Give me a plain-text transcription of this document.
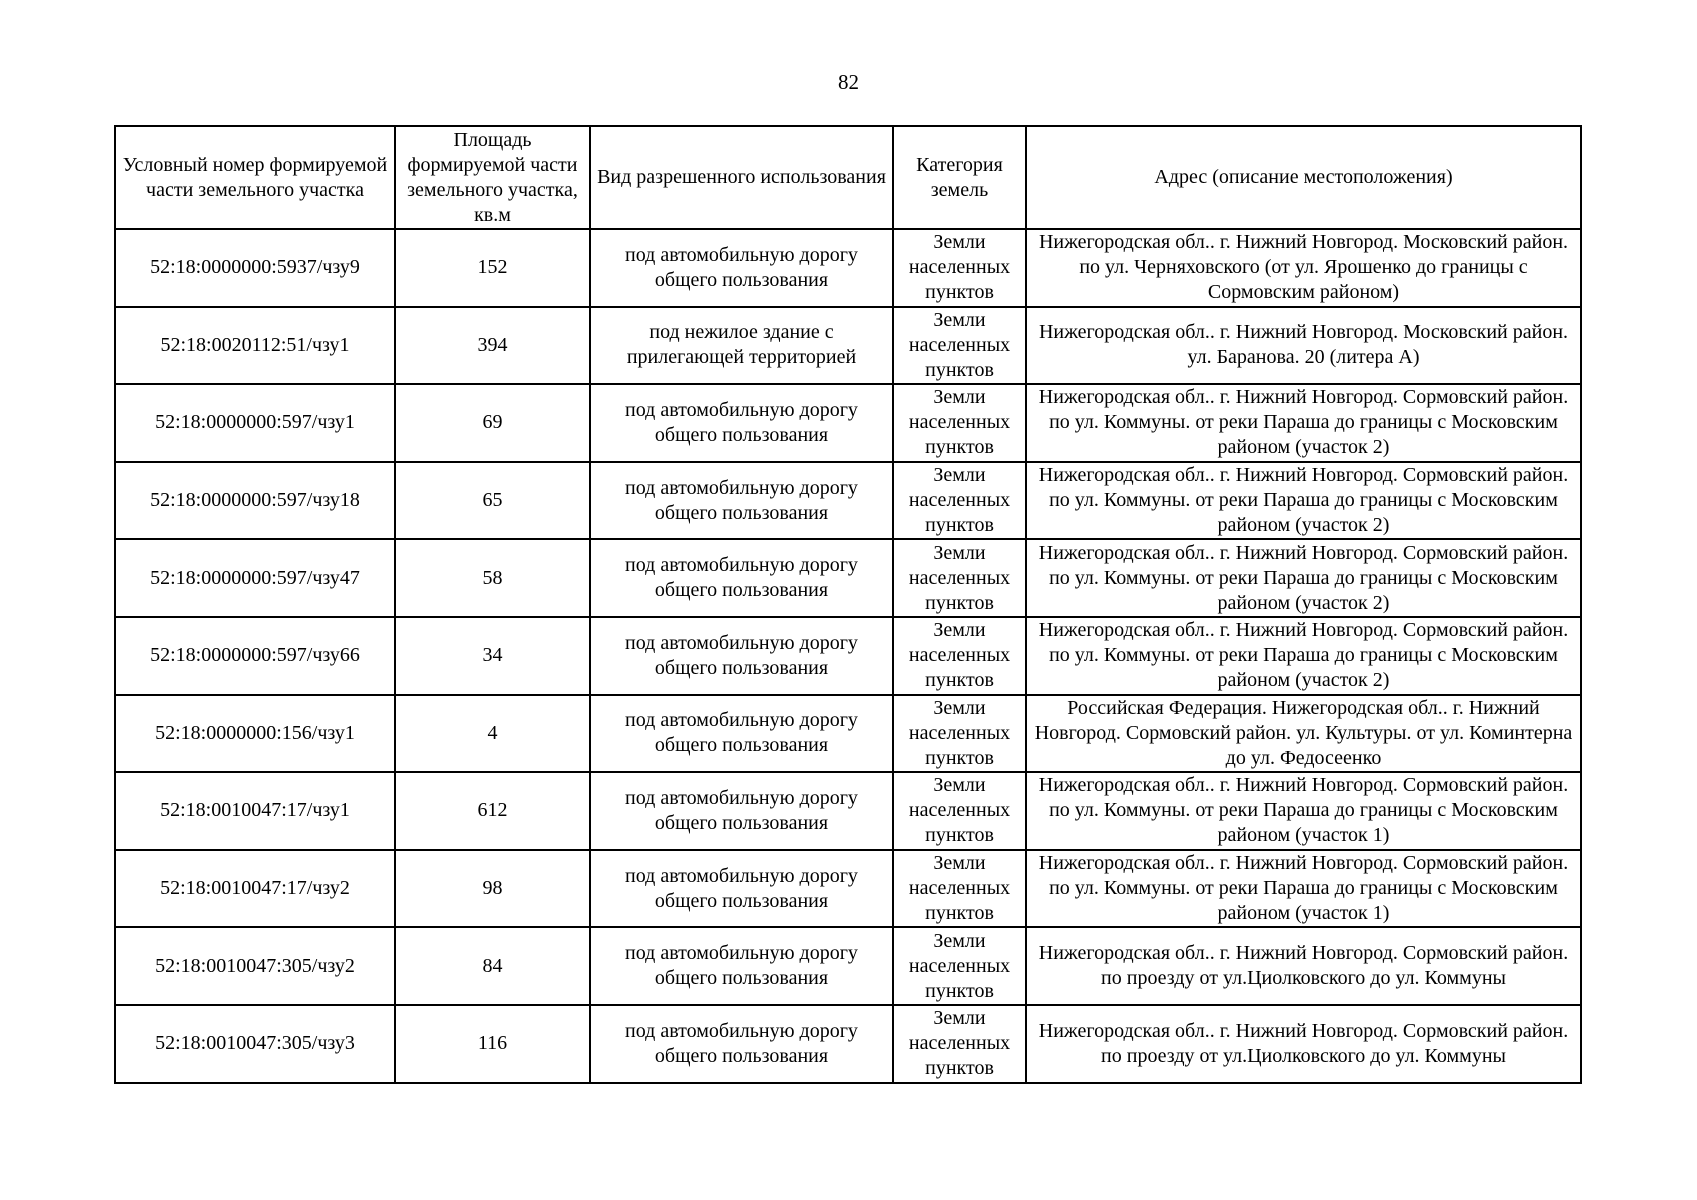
82
Условный номер формируемой части земельного участка	Площадь формируемой части земельного участка, кв.м	Вид разрешенного использования	Категория земель	Адрес (описание местоположения)
52:18:0000000:5937/чзу9	152	под автомобильную дорогу общего пользования	Земли населенных пунктов	Нижегородская обл.. г. Нижний Новгород. Московский район. по ул. Черняховского (от ул. Ярошенко до границы с Сормовским районом)
52:18:0020112:51/чзу1	394	под нежилое здание с прилегающей территорией	Земли населенных пунктов	Нижегородская обл.. г. Нижний Новгород. Московский район. ул. Баранова. 20 (литера А)
52:18:0000000:597/чзу1	69	под автомобильную дорогу общего пользования	Земли населенных пунктов	Нижегородская обл.. г. Нижний Новгород. Сормовский район. по ул. Коммуны. от реки Параша до границы с Московским районом (участок 2)
52:18:0000000:597/чзу18	65	под автомобильную дорогу общего пользования	Земли населенных пунктов	Нижегородская обл.. г. Нижний Новгород. Сормовский район. по ул. Коммуны. от реки Параша до границы с Московским районом (участок 2)
52:18:0000000:597/чзу47	58	под автомобильную дорогу общего пользования	Земли населенных пунктов	Нижегородская обл.. г. Нижний Новгород. Сормовский район. по ул. Коммуны. от реки Параша до границы с Московским районом (участок 2)
52:18:0000000:597/чзу66	34	под автомобильную дорогу общего пользования	Земли населенных пунктов	Нижегородская обл.. г. Нижний Новгород. Сормовский район. по ул. Коммуны. от реки Параша до границы с Московским районом (участок 2)
52:18:0000000:156/чзу1	4	под автомобильную дорогу общего пользования	Земли населенных пунктов	Российская Федерация. Нижегородская обл.. г. Нижний Новгород. Сормовский район. ул. Культуры. от ул. Коминтерна до ул. Федосеенко
52:18:0010047:17/чзу1	612	под автомобильную дорогу общего пользования	Земли населенных пунктов	Нижегородская обл.. г. Нижний Новгород. Сормовский район. по ул. Коммуны. от реки Параша до границы с Московским районом (участок 1)
52:18:0010047:17/чзу2	98	под автомобильную дорогу общего пользования	Земли населенных пунктов	Нижегородская обл.. г. Нижний Новгород. Сормовский район. по ул. Коммуны. от реки Параша до границы с Московским районом (участок 1)
52:18:0010047:305/чзу2	84	под автомобильную дорогу общего пользования	Земли населенных пунктов	Нижегородская обл.. г. Нижний Новгород. Сормовский район. по проезду от ул.Циолковского до ул. Коммуны
52:18:0010047:305/чзу3	116	под автомобильную дорогу общего пользования	Земли населенных пунктов	Нижегородская обл.. г. Нижний Новгород. Сормовский район. по проезду от ул.Циолковского до ул. Коммуны
